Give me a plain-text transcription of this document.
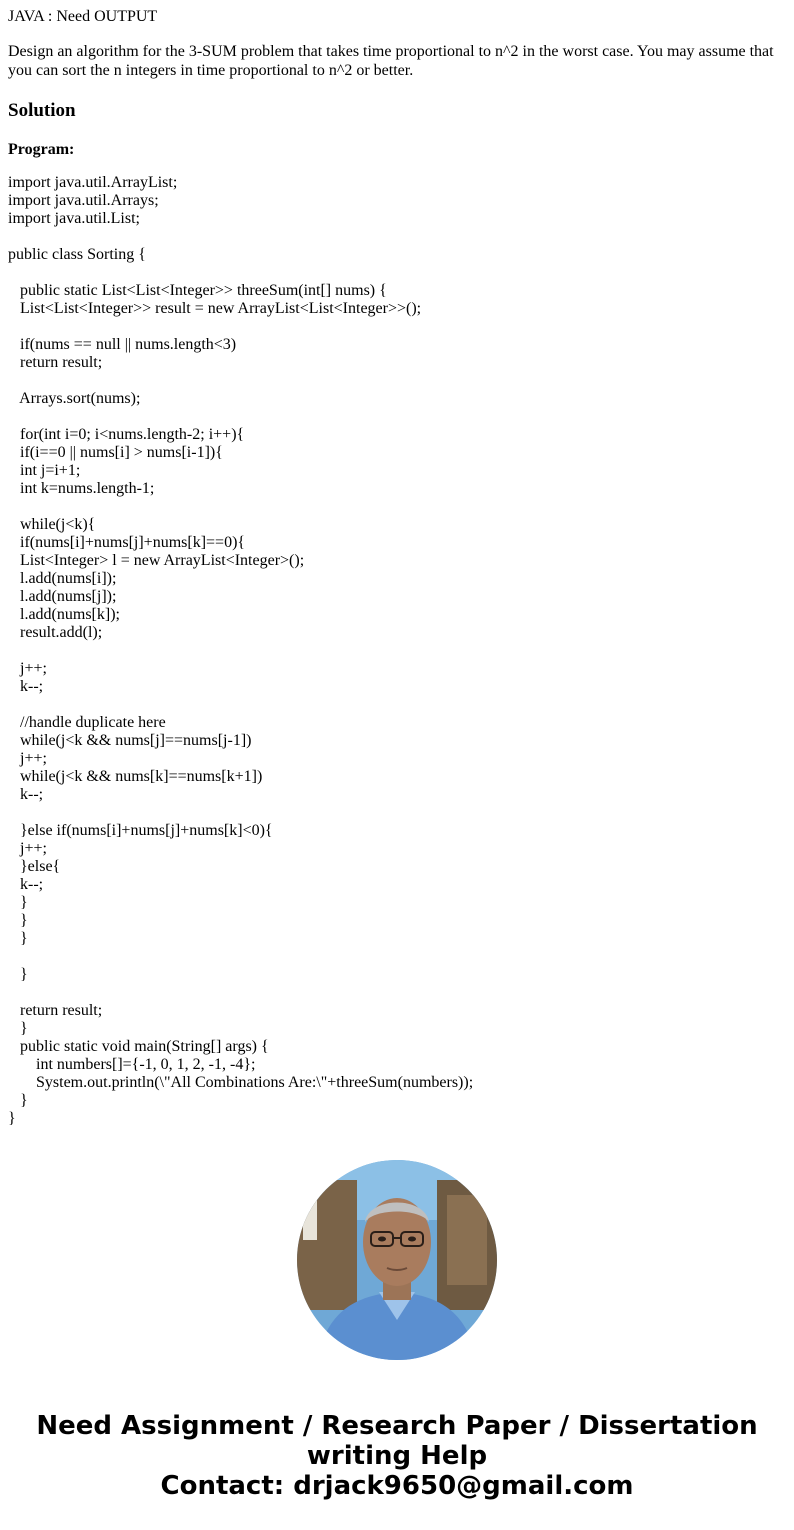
JAVA : Need OUTPUT
Design an algorithm for the 3-SUM problem that takes time proportional to n^2 in the worst case. You may assume that you can sort the n integers in time proportional to n^2 or better.
Solution
Program:
import java.util.ArrayList;
import java.util.Arrays;
import java.util.List;
public class Sorting {
public static List<List<Integer>> threeSum(int[] nums) {
List<List<Integer>> result = new ArrayList<List<Integer>>();
if(nums == null || nums.length<3)
return result;
Arrays.sort(nums);
for(int i=0; i<nums.length-2; i++){
if(i==0 || nums[i] > nums[i-1]){
int j=i+1;
int k=nums.length-1;
while(j<k){
if(nums[i]+nums[j]+nums[k]==0){
List<Integer> l = new ArrayList<Integer>();
l.add(nums[i]);
l.add(nums[j]);
l.add(nums[k]);
result.add(l);
j++;
k--;
//handle duplicate here
while(j<k && nums[j]==nums[j-1])
j++;
while(j<k && nums[k]==nums[k+1])
k--;
}else if(nums[i]+nums[j]+nums[k]<0){
j++;
}else{
k--;
}
}
}
}
return result;
}
public static void main(String[] args) {
int numbers[]={-1, 0, 1, 2, -1, -4};
System.out.println(\"All Combinations Are:\"+threeSum(numbers));
}
}
Need Assignment / Research Paper / Dissertation
writing Help
Contact: drjack9650@gmail.com
